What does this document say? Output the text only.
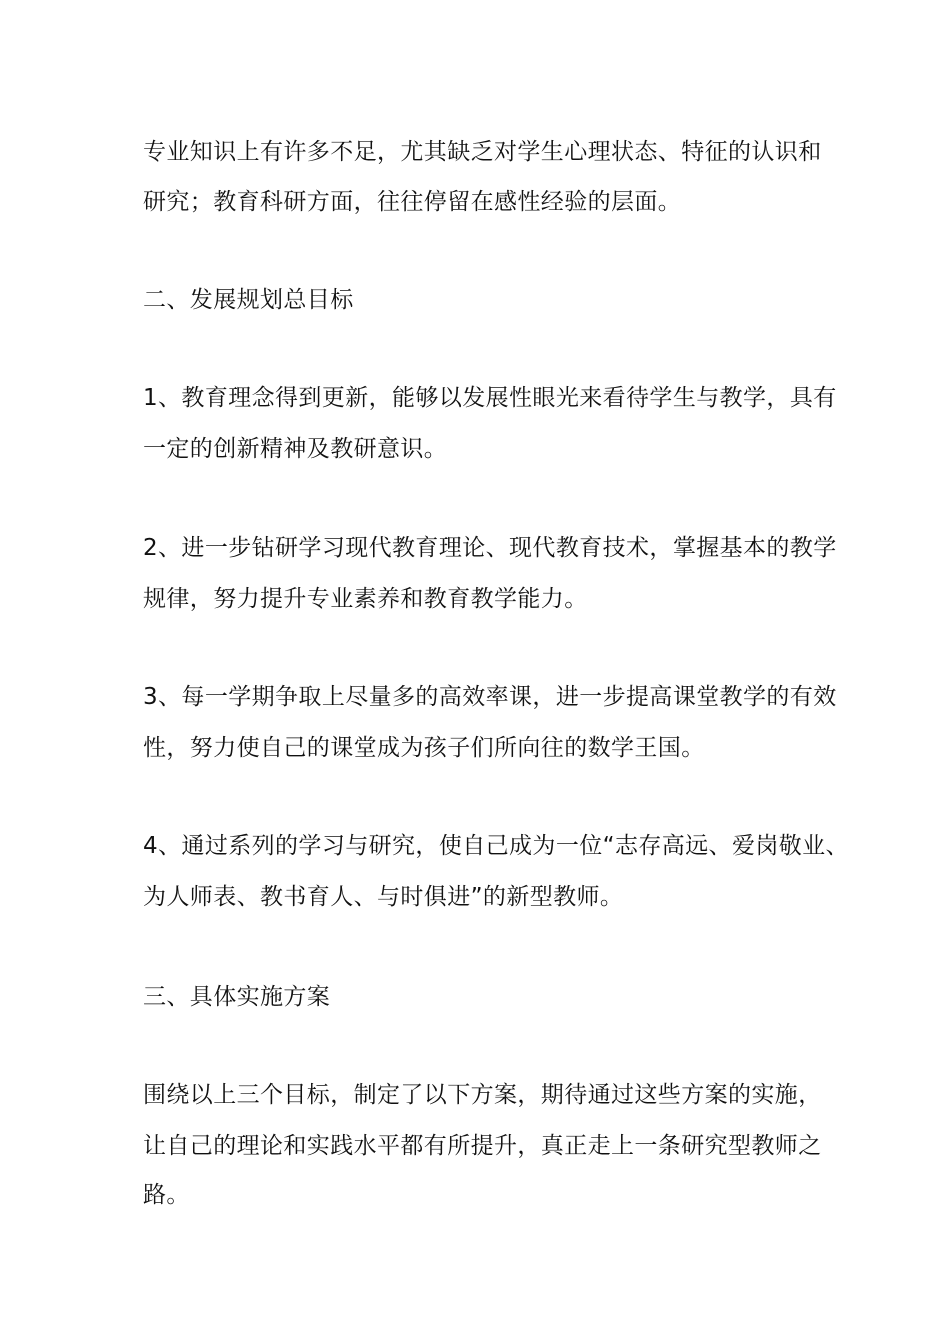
专业知识上有许多不足，尤其缺乏对学生心理状态、特征的认识和
研究；教育科研方面，往往停留在感性经验的层面。
二、发展规划总目标
1、教育理念得到更新，能够以发展性眼光来看待学生与教学，具有
一定的创新精神及教研意识。
2、进一步钻研学习现代教育理论、现代教育技术，掌握基本的教学
规律，努力提升专业素养和教育教学能力。
3、每一学期争取上尽量多的高效率课，进一步提高课堂教学的有效
性，努力使自己的课堂成为孩子们所向往的数学王国。
4、通过系列的学习与研究，使自己成为一位“志存高远、爱岗敬业、
为人师表、教书育人、与时俱进”的新型教师。
三、具体实施方案
围绕以上三个目标，制定了以下方案，期待通过这些方案的实施，
让自己的理论和实践水平都有所提升，真正走上一条研究型教师之
路。
